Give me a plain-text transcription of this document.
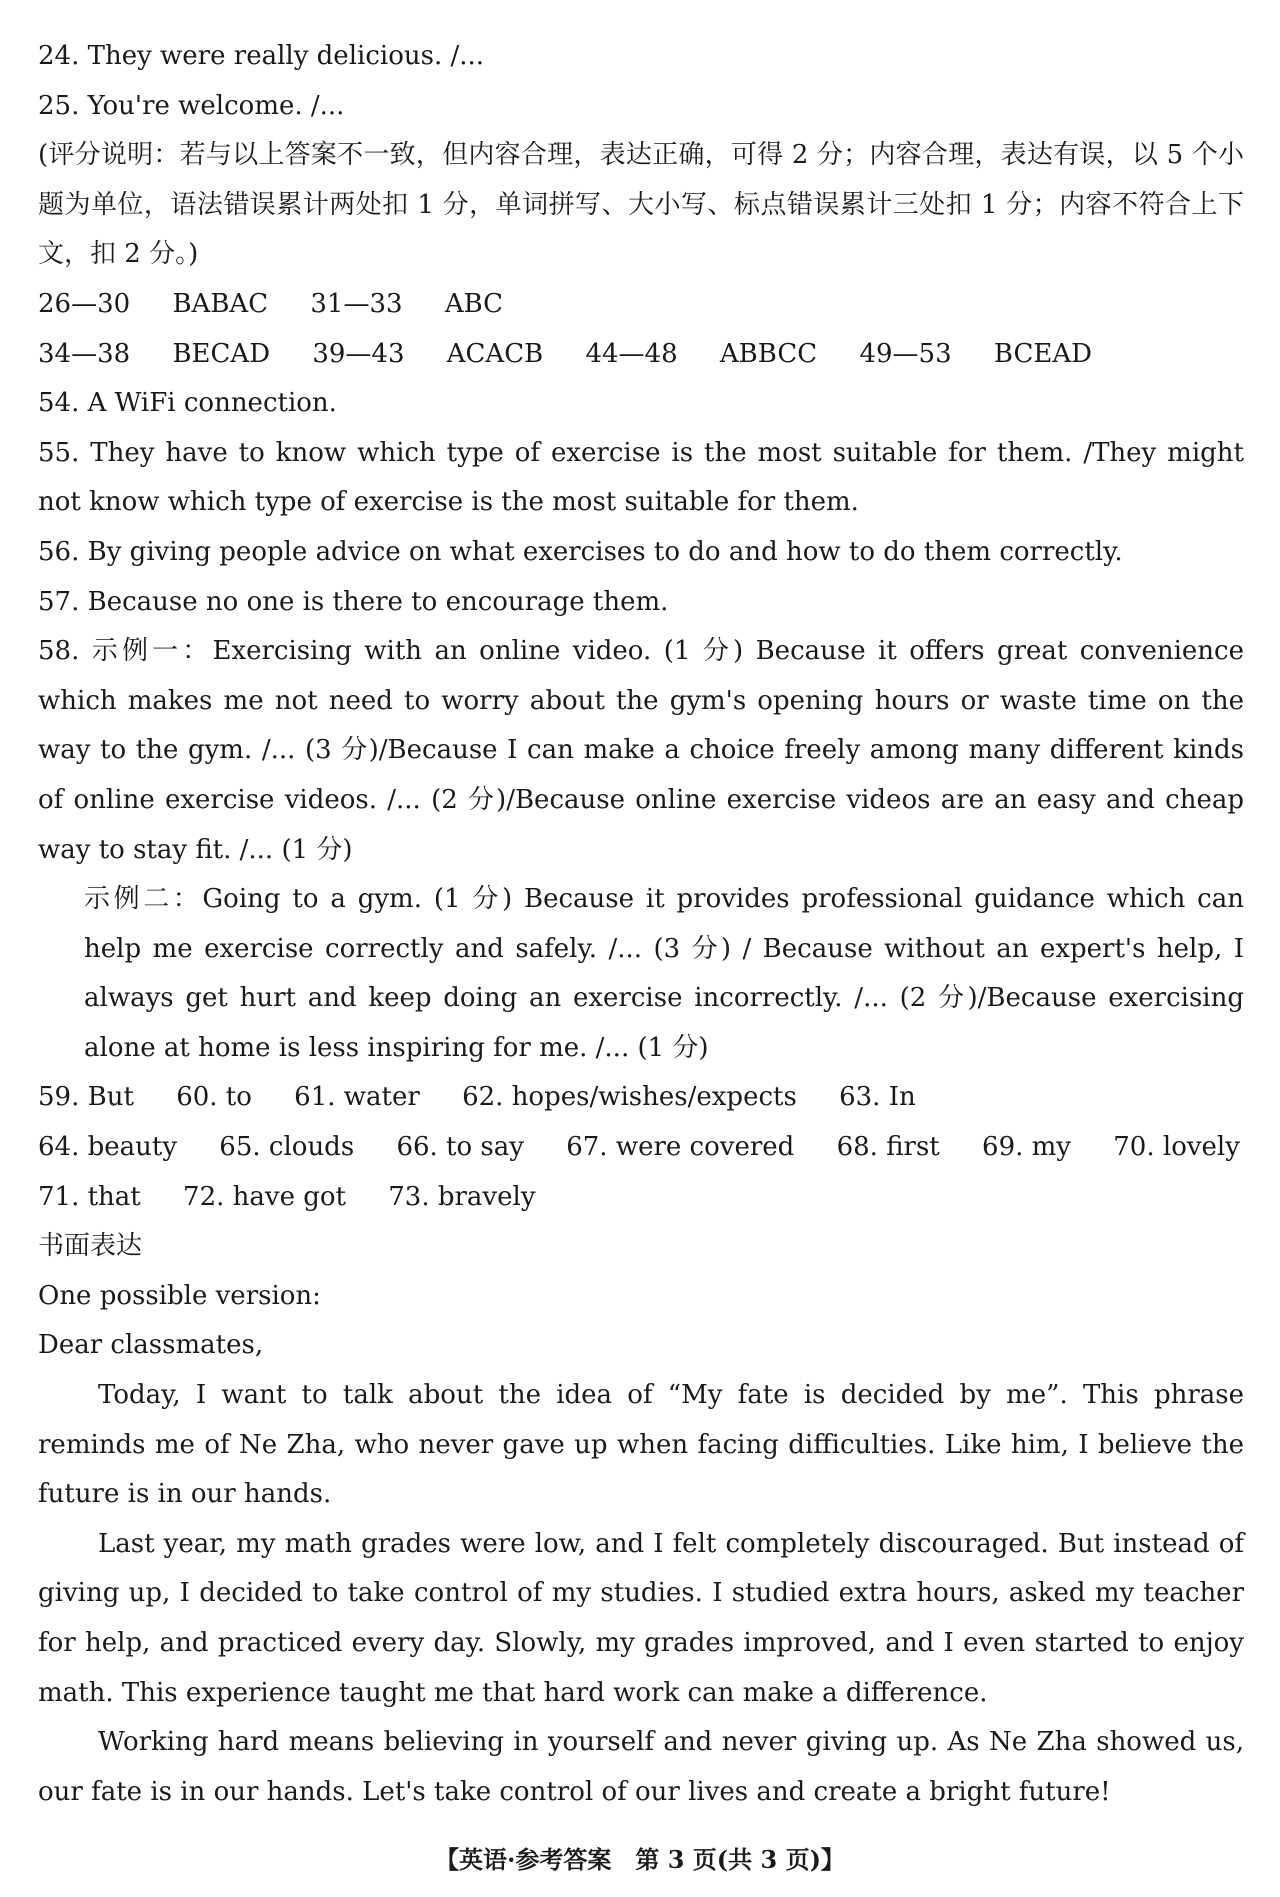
24. They were really delicious. /...
25. You're welcome. /...
(评分说明：若与以上答案不一致，但内容合理，表达正确，可得 2 分；内容合理，表达有误，以 5 个小题为单位，语法错误累计两处扣 1 分，单词拼写、大小写、标点错误累计三处扣 1 分；内容不符合上下文，扣 2 分。)
26—30 BABAC 31—33 ABC
34—38 BECAD 39—43 ACACB 44—48 ABBCC 49—53 BCEAD
54. A WiFi connection.
55. They have to know which type of exercise is the most suitable for them. /They might not know which type of exercise is the most suitable for them.
56. By giving people advice on what exercises to do and how to do them correctly.
57. Because no one is there to encourage them.
58. 示例一：Exercising with an online video. (1 分) Because it offers great convenience which makes me not need to worry about the gym's opening hours or waste time on the way to the gym. /... (3 分)/Because I can make a choice freely among many different kinds of online exercise videos. /... (2 分)/Because online exercise videos are an easy and cheap way to stay fit. /... (1 分)
示例二：Going to a gym. (1 分) Because it provides professional guidance which can help me exercise correctly and safely. /... (3 分) / Because without an expert's help, I always get hurt and keep doing an exercise incorrectly. /... (2 分)/Because exercising alone at home is less inspiring for me. /... (1 分)
59. But 60. to 61. water 62. hopes/wishes/expects 63. In
64. beauty 65. clouds 66. to say 67. were covered 68. first 69. my 70. lovely
71. that 72. have got 73. bravely
书面表达
One possible version:
Dear classmates,
Today, I want to talk about the idea of “My fate is decided by me”. This phrase reminds me of Ne Zha, who never gave up when facing difficulties. Like him, I believe the future is in our hands.
Last year, my math grades were low, and I felt completely discouraged. But instead of giving up, I decided to take control of my studies. I studied extra hours, asked my teacher for help, and practiced every day. Slowly, my grades improved, and I even started to enjoy math. This experience taught me that hard work can make a difference.
Working hard means believing in yourself and never giving up. As Ne Zha showed us, our fate is in our hands. Let's take control of our lives and create a bright future!
【英语·参考答案　第 3 页(共 3 页)】
